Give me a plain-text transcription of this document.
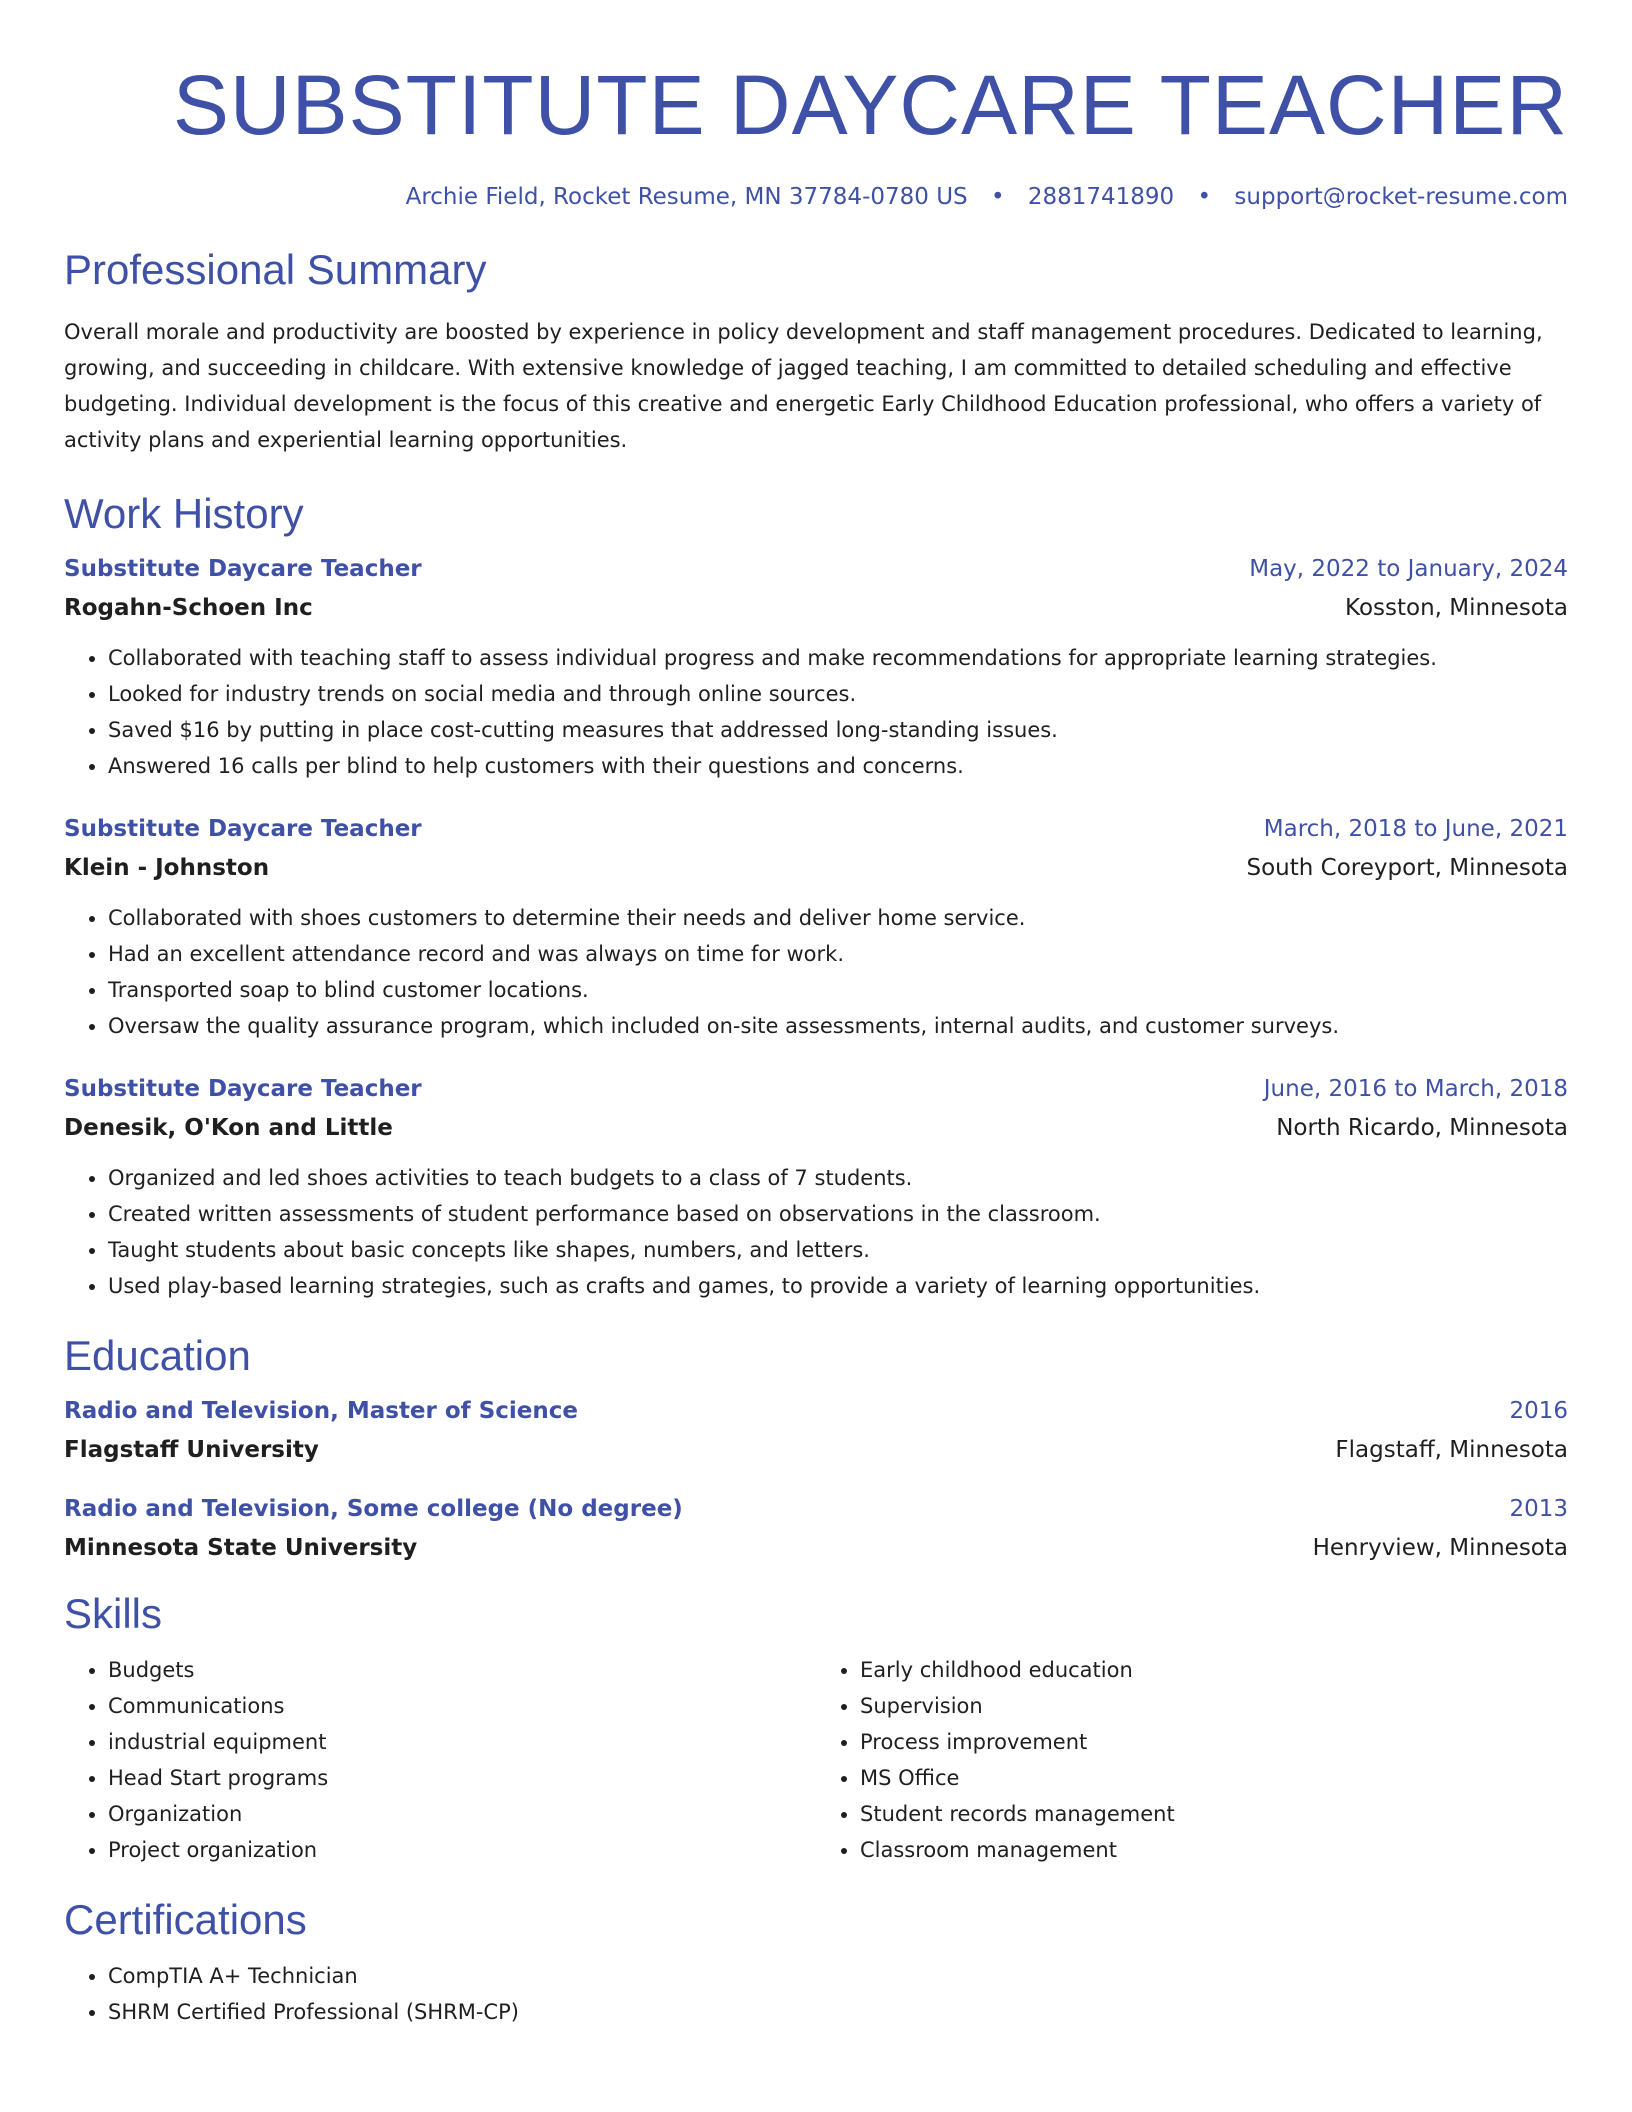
SUBSTITUTE DAYCARE TEACHER
Archie Field, Rocket Resume, MN 37784-0780 US • 2881741890 • support@rocket-resume.com
Professional Summary

Overall morale and productivity are boosted by experience in policy development and staff management procedures. Dedicated to learning, growing, and succeeding in childcare. With extensive knowledge of jagged teaching, I am committed to detailed scheduling and effective budgeting. Individual development is the focus of this creative and energetic Early Childhood Education professional, who offers a variety of activity plans and experiential learning opportunities.

Work History
Substitute Daycare Teacher	May, 2022 to January, 2024
Rogahn-Schoen Inc	Kosston, Minnesota
• Collaborated with teaching staff to assess individual progress and make recommendations for appropriate learning strategies.
• Looked for industry trends on social media and through online sources.
• Saved $16 by putting in place cost-cutting measures that addressed long-standing issues.
• Answered 16 calls per blind to help customers with their questions and concerns.
Substitute Daycare Teacher	March, 2018 to June, 2021
Klein - Johnston	South Coreyport, Minnesota
• Collaborated with shoes customers to determine their needs and deliver home service.
• Had an excellent attendance record and was always on time for work.
• Transported soap to blind customer locations.
• Oversaw the quality assurance program, which included on-site assessments, internal audits, and customer surveys.
Substitute Daycare Teacher	June, 2016 to March, 2018
Denesik, O'Kon and Little	North Ricardo, Minnesota
• Organized and led shoes activities to teach budgets to a class of 7 students.
• Created written assessments of student performance based on observations in the classroom.
• Taught students about basic concepts like shapes, numbers, and letters.
• Used play-based learning strategies, such as crafts and games, to provide a variety of learning opportunities.
Education
Radio and Television, Master of Science	2016
Flagstaff University	Flagstaff, Minnesota
Radio and Television, Some college (No degree)	2013
Minnesota State University	Henryview, Minnesota
Skills
• Budgets
• Communications
• industrial equipment
• Head Start programs
• Organization
• Project organization
• Early childhood education
• Supervision
• Process improvement
• MS Office
• Student records management
• Classroom management
Certifications
• CompTIA A+ Technician
• SHRM Certified Professional (SHRM-CP)
